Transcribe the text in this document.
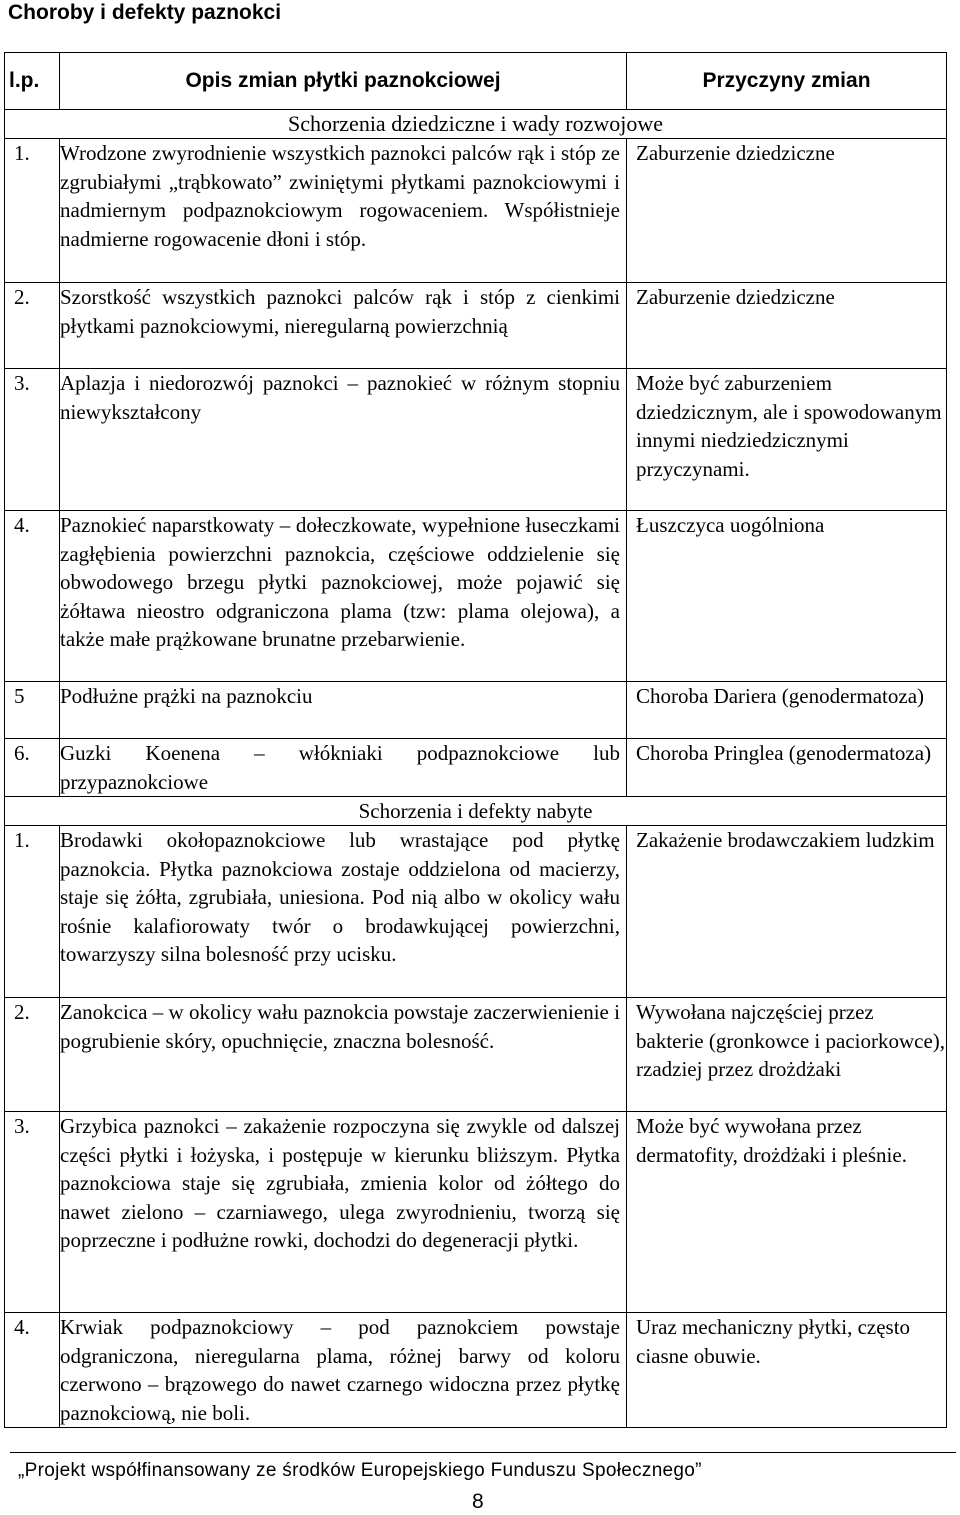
Choroby i defekty paznokci
l.p.	Opis zmian płytki paznokciowej	Przyczyny zmian
Schorzenia dziedziczne i wady rozwojowe		
1.	Wrodzone zwyrodnienie wszystkich paznokci palców rąk i stóp ze zgrubiałymi „trąbkowato” zwiniętymi płytkami paznokciowymi i nadmiernym podpaznokciowym rogowaceniem. Współistnieje nadmierne rogowacenie dłoni i stóp.	Zaburzenie dziedziczne
2.	Szorstkość wszystkich paznokci palców rąk i stóp z cienkimi płytkami paznokciowymi, nieregularną powierzchnią	Zaburzenie dziedziczne
3.	Aplazja i niedorozwój paznokci – paznokieć w różnym stopniu niewykształcony	Może być zaburzeniem dziedzicznym, ale i spowodowanym innymi niedziedzicznymi przyczynami.
4.	Paznokieć naparstkowaty – dołeczkowate, wypełnione łuseczkami zagłębienia powierzchni paznokcia, częściowe oddzielenie się obwodowego brzegu płytki paznokciowej, może pojawić się żółtawa nieostro odgraniczona plama (tzw: plama olejowa), a także małe prążkowane brunatne przebarwienie.	Łuszczyca uogólniona
5	Podłużne prążki na paznokciu	Choroba Dariera (genodermatoza)
6.	Guzki Koenena – włókniaki podpaznokciowe lub przypaznokciowe	Choroba Pringlea (genodermatoza)
Schorzenia i defekty nabyte		
1.	Brodawki okołopaznokciowe lub wrastające pod płytkę paznokcia. Płytka paznokciowa zostaje oddzielona od macierzy, staje się żółta, zgrubiała, uniesiona. Pod nią albo w okolicy wału rośnie kalafiorowaty twór o brodawkującej powierzchni, towarzyszy silna bolesność przy ucisku.	Zakażenie brodawczakiem ludzkim
2.	Zanokcica – w okolicy wału paznokcia powstaje zaczerwienienie i pogrubienie skóry, opuchnięcie, znaczna bolesność.	Wywołana najczęściej przez bakterie (gronkowce i paciorkowce), rzadziej przez drożdżaki
3.	Grzybica paznokci – zakażenie rozpoczyna się zwykle od dalszej części płytki i łożyska, i postępuje w kierunku bliższym. Płytka paznokciowa staje się zgrubiała, zmienia kolor od żółtego do nawet zielono – czarniawego, ulega zwyrodnieniu, tworzą się poprzeczne i podłużne rowki, dochodzi do degeneracji płytki.	Może być wywołana przez dermatofity, drożdżaki i pleśnie.
4.	Krwiak podpaznokciowy – pod paznokciem powstaje odgraniczona, nieregularna plama, różnej barwy od koloru czerwono – brązowego do nawet czarnego widoczna przez płytkę paznokciową, nie boli.	Uraz mechaniczny płytki, często ciasne obuwie.
„Projekt współfinansowany ze środków Europejskiego Funduszu Społecznego”
8
